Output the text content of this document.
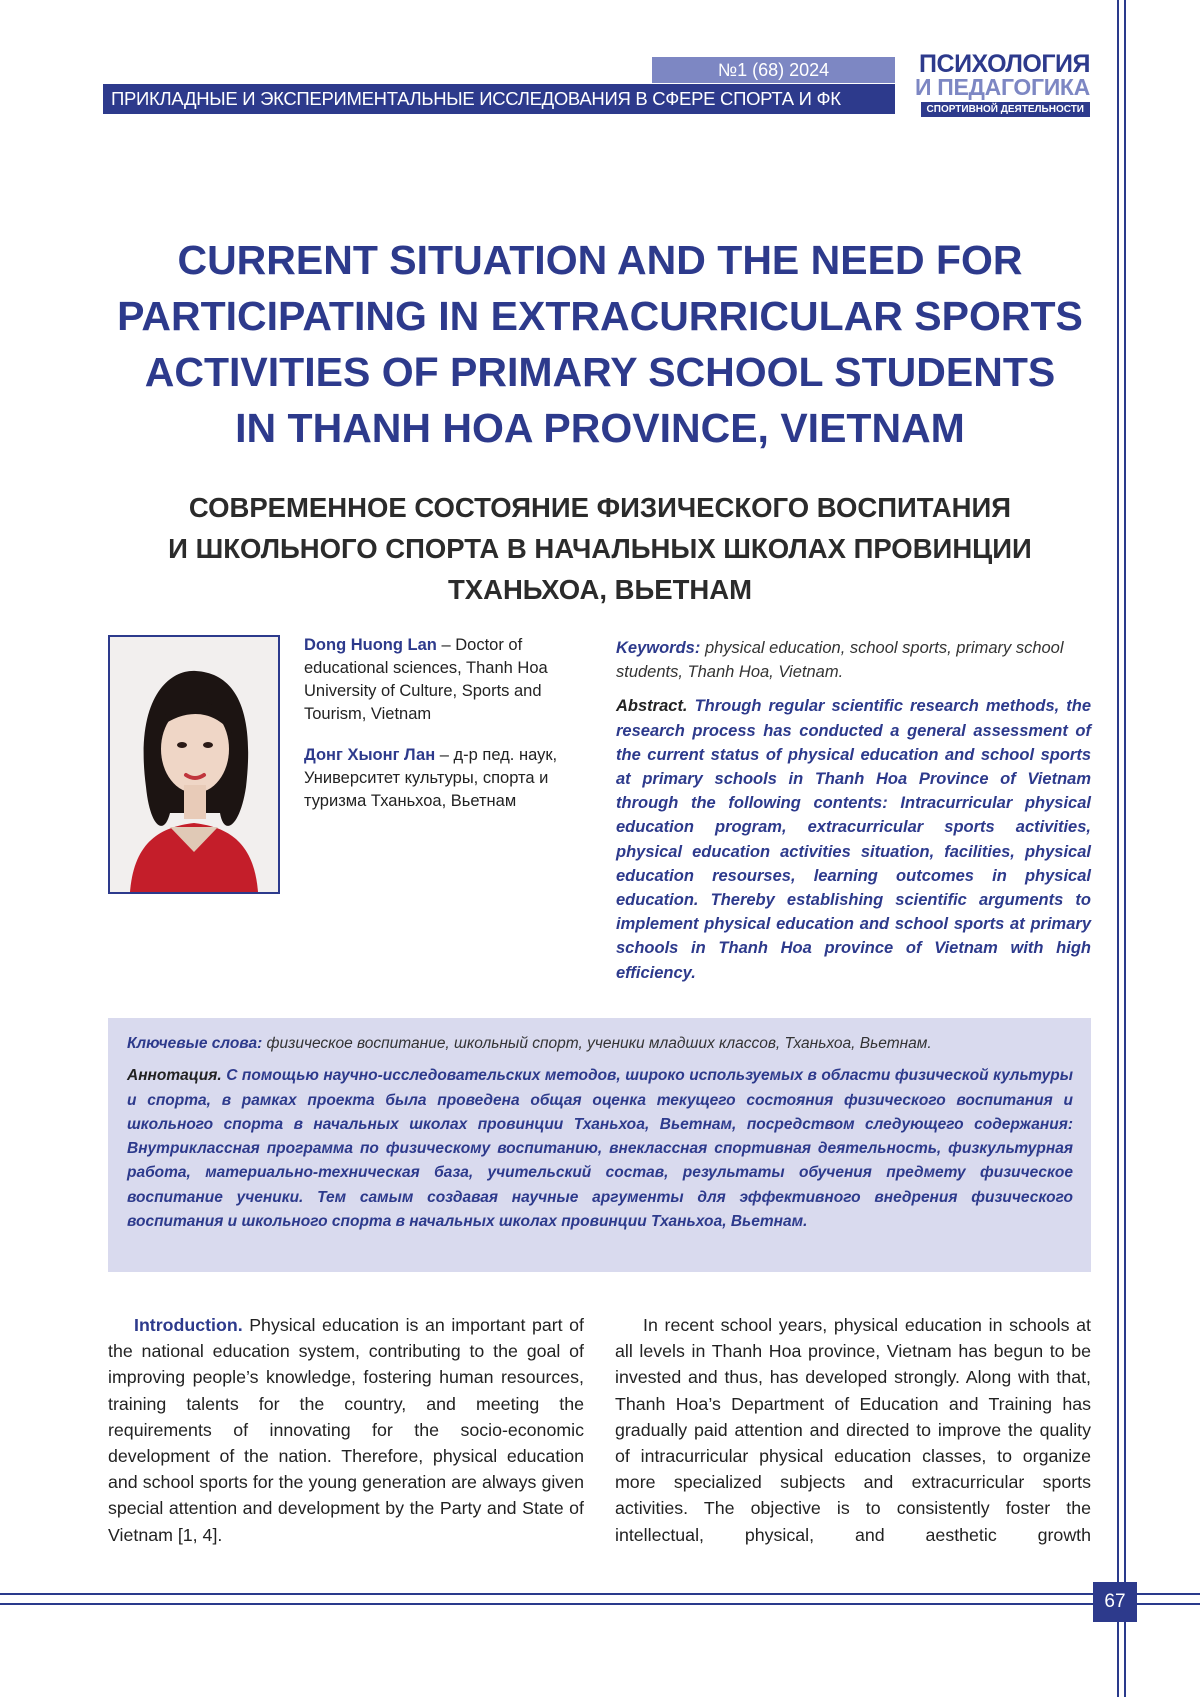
№1 (68) 2024
ПРИКЛАДНЫЕ И ЭКСПЕРИМЕНТАЛЬНЫЕ ИССЛЕДОВАНИЯ В СФЕРЕ СПОРТА И ФК
ПСИХОЛОГИЯ
И ПЕДАГОГИКА
СПОРТИВНОЙ ДЕЯТЕЛЬНОСТИ
CURRENT SITUATION AND THE NEED FOR
PARTICIPATING IN EXTRACURRICULAR SPORTS
ACTIVITIES OF PRIMARY SCHOOL STUDENTS
IN THANH HOA PROVINCE, VIETNAM
СОВРЕМЕННОЕ СОСТОЯНИЕ ФИЗИЧЕСКОГО ВОСПИТАНИЯ
И ШКОЛЬНОГО СПОРТА В НАЧАЛЬНЫХ ШКОЛАХ ПРОВИНЦИИ
ТХАНЬХОА, ВЬЕТНАМ
Dong Huong Lan – Doctor of educational sciences, Thanh Hoa University of Culture, Sports and Tourism, Vietnam
Донг Хыонг Лан – д-р пед. наук, Университет культуры, спорта и туризма Тханьхоа, Вьетнам
Keywords: physical education, school sports, primary school students, Thanh Hoa, Vietnam.
Abstract. Through regular scientific research methods, the research process has conducted a general assessment of the current status of physical education and school sports at primary schools in Thanh Hoa Province of Vietnam through the following contents: Intracurricular physical education program, extracurricular sports activities, physical education activities situation, facilities, physical education resourses, learning outcomes in physical education. Thereby establishing scientific arguments to implement physical education and school sports at primary schools in Thanh Hoa province of Vietnam with high efficiency.
Ключевые слова: физическое воспитание, школьный спорт, ученики младших классов, Тханьхоа, Вьетнам.
Аннотация. С помощью научно-исследовательских методов, широко используемых в области физической культуры и спорта, в рамках проекта была проведена общая оценка текущего состояния физического воспитания и школьного спорта в начальных школах провинции Тханьхоа, Вьетнам, посредством следующего содержания: Внутриклассная программа по физическому воспитанию, внеклассная спортивная деятельность, физкультурная работа, материально-техническая база, учительский состав, результаты обучения предмету физическое воспитание ученики. Тем самым создавая научные аргументы для эффективного внедрения физического воспитания и школьного спорта в начальных школах провинции Тханьхоа, Вьетнам.
Introduction. Physical education is an important part of the national education system, contributing to the goal of improving people’s knowledge, fostering human resources, training talents for the country, and meeting the requirements of innovating for the socio-economic development of the nation. Therefore, physical education and school sports for the young generation are always given special attention and development by the Party and State of Vietnam [1, 4].
In recent school years, physical education in schools at all levels in Thanh Hoa province, Vietnam has begun to be invested and thus, has developed strongly. Along with that, Thanh Hoa’s Department of Education and Training has gradually paid attention and directed to improve the quality of intracurricular physical education classes, to organize more specialized subjects and extracurricular sports activities. The objective is to consistently foster the intellectual, physical, and aesthetic growth
67
